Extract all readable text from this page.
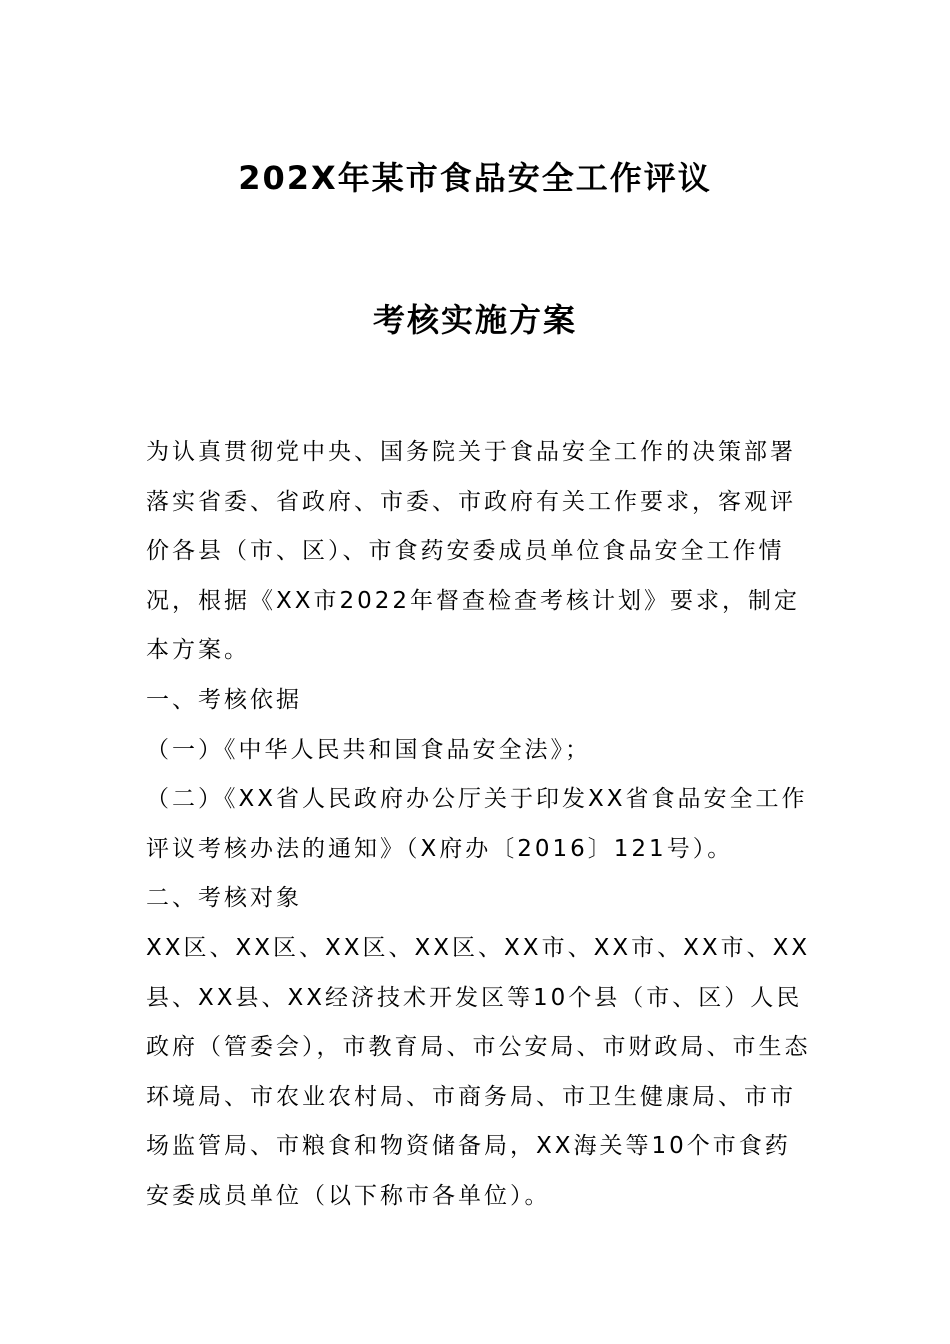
202X年某市食品安全工作评议
考核实施方案

为认真贯彻党中央、国务院关于食品安全工作的决策部署落实省委、省政府、市委、市政府有关工作要求，客观评价各县（市、区）、市食药安委成员单位食品安全工作情况，根据《XX市2022年督查检查考核计划》要求，制定本方案。

一、考核依据

（一）《中华人民共和国食品安全法》；

（二）《XX省人民政府办公厅关于印发XX省食品安全工作评议考核办法的通知》（X府办〔2016〕121号）。

二、考核对象

XX区、XX区、XX区、XX区、XX市、XX市、XX市、XX县、XX县、XX经济技术开发区等10个县（市、区）人民政府（管委会），市教育局、市公安局、市财政局、市生态环境局、市农业农村局、市商务局、市卫生健康局、市市场监管局、市粮食和物资储备局，XX海关等10个市食药安委成员单位（以下称市各单位）。
